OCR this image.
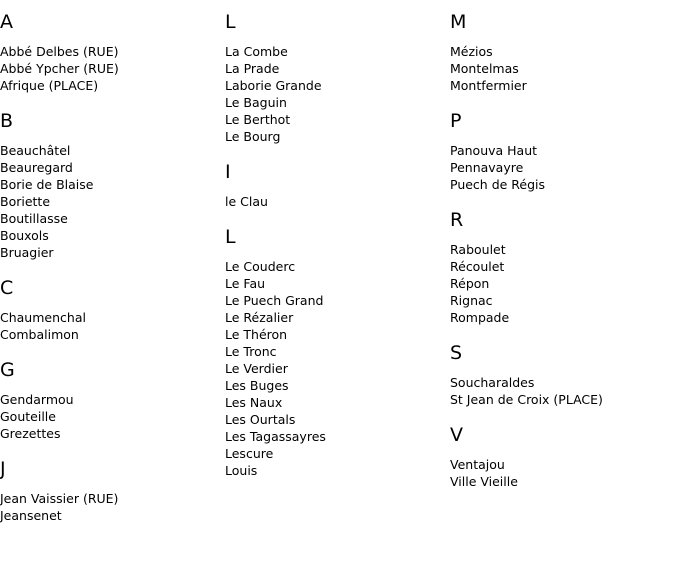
A
Abbé Delbes (RUE)
Abbé Ypcher (RUE)
Afrique (PLACE)
B
Beauchâtel
Beauregard
Borie de Blaise
Boriette
Boutillasse
Bouxols
Bruagier
C
Chaumenchal
Combalimon
G
Gendarmou
Gouteille
Grezettes
J
Jean Vaissier (RUE)
Jeansenet
L
La Combe
La Prade
Laborie Grande
Le Baguin
Le Berthot
Le Bourg
I
le Clau
L
Le Couderc
Le Fau
Le Puech Grand
Le Rézalier
Le Théron
Le Tronc
Le Verdier
Les Buges
Les Naux
Les Ourtals
Les Tagassayres
Lescure
Louis
M
Mézios
Montelmas
Montfermier
P
Panouva Haut
Pennavayre
Puech de Régis
R
Raboulet
Récoulet
Répon
Rignac
Rompade
S
Soucharaldes
St Jean de Croix (PLACE)
V
Ventajou
Ville Vieille
